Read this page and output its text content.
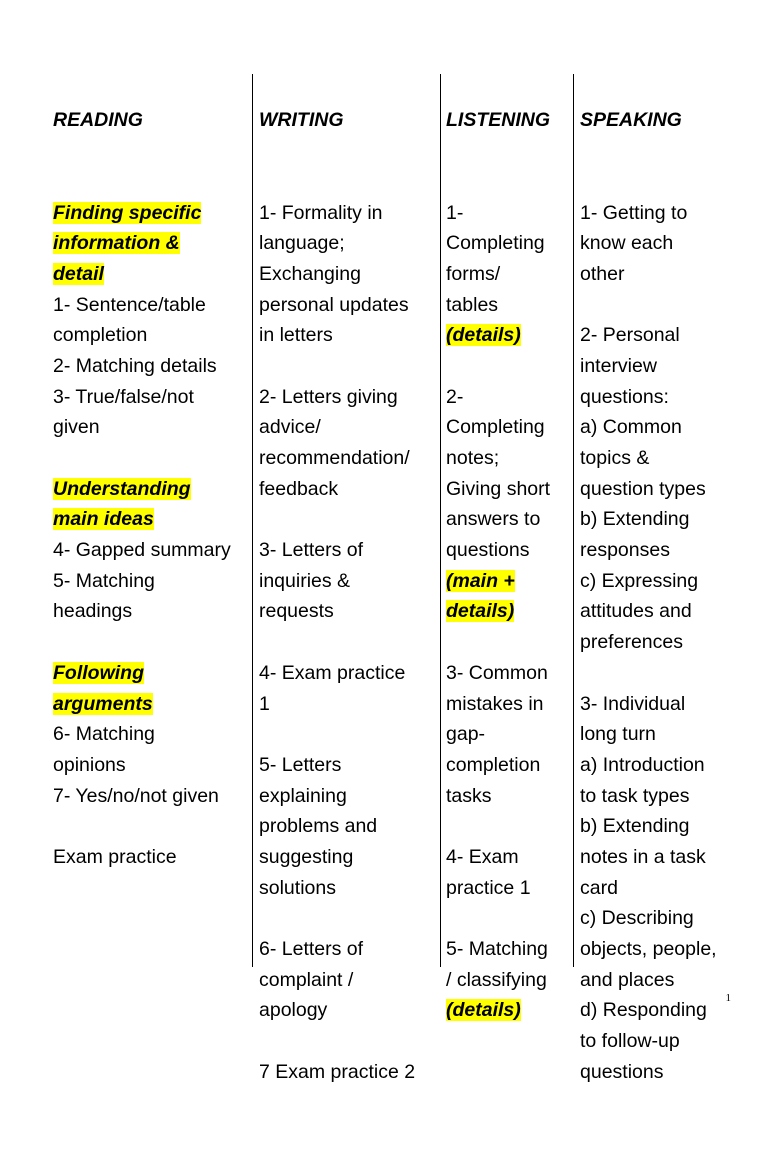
READING

Finding specific
information &
detail
1- Sentence/table
completion
2- Matching details
3- True/false/not
given
Understanding
main ideas
4- Gapped summary
5- Matching
headings
Following
arguments
6- Matching
opinions
7- Yes/no/not given
Exam practice

WRITING

1- Formality in
language;
Exchanging
personal updates
in letters
2- Letters giving
advice/
recommendation/
feedback
3- Letters of
inquiries &
requests
4- Exam practice
1
5- Letters
explaining
problems and
suggesting
solutions
6- Letters of
complaint /
apology
7 Exam practice 2

LISTENING

1-
Completing
forms/
tables
(details)
2-
Completing
notes;
Giving short
answers to
questions
(main +
details)
3- Common
mistakes in
gap-
completion
tasks
4- Exam
practice 1
5- Matching
/ classifying
(details)

SPEAKING

1- Getting to
know each
other
2- Personal
interview
questions:
a) Common
topics &
question types
b) Extending
responses
c) Expressing
attitudes and
preferences
3- Individual
long turn
a) Introduction
to task types
b) Extending
notes in a task
card
c) Describing
objects, people,
and places
d) Responding
to follow-up
questions

1
